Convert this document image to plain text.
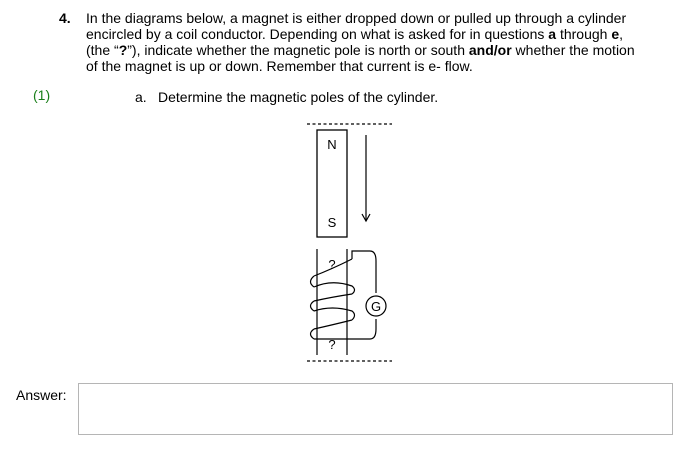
4. In the diagrams below, a magnet is either dropped down or pulled up through a cylinder
encircled by a coil conductor. Depending on what is asked for in questions a through e,
(the “?”), indicate whether the magnetic pole is north or south and/or whether the motion
of the magnet is up or down. Remember that current is e- flow.
(1)	a. Determine the magnetic poles of the cylinder.
N
S
?
?
G
Answer:
